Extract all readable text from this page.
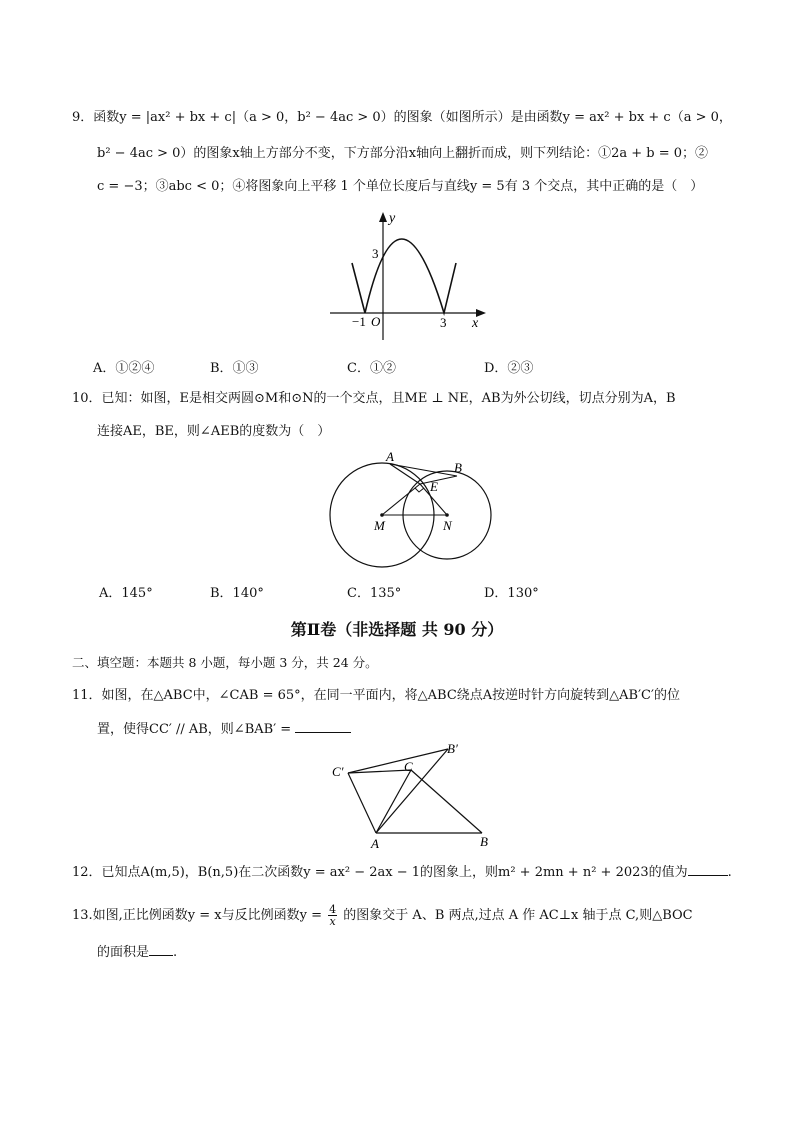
9．函数y = |ax² + bx + c|（a > 0，b² − 4ac > 0）的图象（如图所示）是由函数y = ax² + bx + c（a > 0，
b² − 4ac > 0）的图象x轴上方部分不变，下方部分沿x轴向上翻折而成，则下列结论：①2a + b = 0；②
c = −3；③abc < 0；④将图象向上平移 1 个单位长度后与直线y = 5有 3 个交点，其中正确的是（　）
y
x
O
−1	3
3
A．①②④	B．①③	C．①②	D．②③
10．已知：如图，E是相交两圆⊙M和⊙N的一个交点，且ME ⊥ NE，AB为外公切线，切点分别为A，B
连接AE，BE，则∠AEB的度数为（　）
A
B
E
M	N
A．145°	B．140°	C．135°	D．130°
第Ⅱ卷（非选择题 共 90 分）
二、填空题：本题共 8 小题，每小题 3 分，共 24 分。
11．如图，在△ABC中，∠CAB = 65°，在同一平面内，将△ABC绕点A按逆时针方向旋转到△AB′C′的位
置，使得CC′ // AB，则∠BAB′ =
A	B
C
B′
C′
12．已知点A(m,5)，B(n,5)在二次函数y = ax² − 2ax − 1的图象上，则m² + 2mn + n² + 2023的值为	.
13.如图,正比例函数y = x与反比例函数$y = \frac{4}{x}$ 的图象交于 A、B 两点,过点 A 作 AC⊥x 轴于点 C,则△BOC
的面积是 .
